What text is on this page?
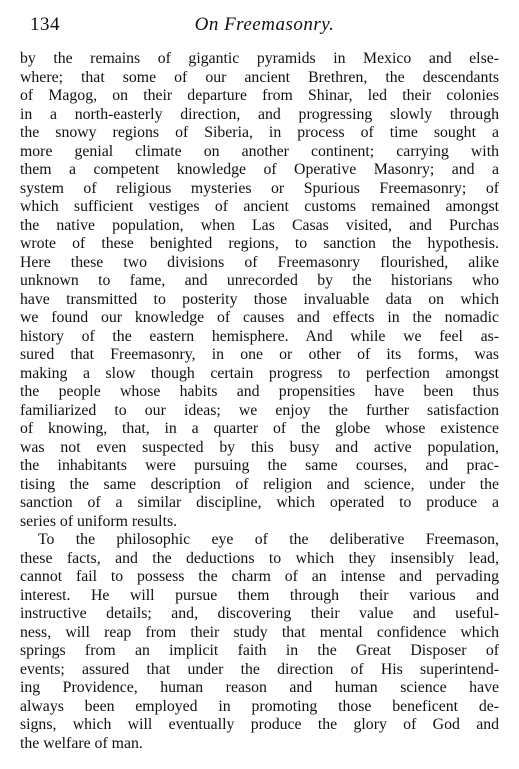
134	On Freemasonry.
by the remains of gigantic pyramids in Mexico and else-
where; that some of our ancient Brethren, the descendants
of Magog, on their departure from Shinar, led their colonies
in a north-easterly direction, and progressing slowly through
the snowy regions of Siberia, in process of time sought a
more genial climate on another continent; carrying with
them a competent knowledge of Operative Masonry; and a
system of religious mysteries or Spurious Freemasonry; of
which sufficient vestiges of ancient customs remained amongst
the native population, when Las Casas visited, and Purchas
wrote of these benighted regions, to sanction the hypothesis.
Here these two divisions of Freemasonry flourished, alike
unknown to fame, and unrecorded by the historians who
have transmitted to posterity those invaluable data on which
we found our knowledge of causes and effects in the nomadic
history of the eastern hemisphere. And while we feel as-
sured that Freemasonry, in one or other of its forms, was
making a slow though certain progress to perfection amongst
the people whose habits and propensities have been thus
familiarized to our ideas; we enjoy the further satisfaction
of knowing, that, in a quarter of the globe whose existence
was not even suspected by this busy and active population,
the inhabitants were pursuing the same courses, and prac-
tising the same description of religion and science, under the
sanction of a similar discipline, which operated to produce a
series of uniform results.
To the philosophic eye of the deliberative Freemason,
these facts, and the deductions to which they insensibly lead,
cannot fail to possess the charm of an intense and pervading
interest. He will pursue them through their various and
instructive details; and, discovering their value and useful-
ness, will reap from their study that mental confidence which
springs from an implicit faith in the Great Disposer of
events; assured that under the direction of His superintend-
ing Providence, human reason and human science have
always been employed in promoting those beneficent de-
signs, which will eventually produce the glory of God and
the welfare of man.
